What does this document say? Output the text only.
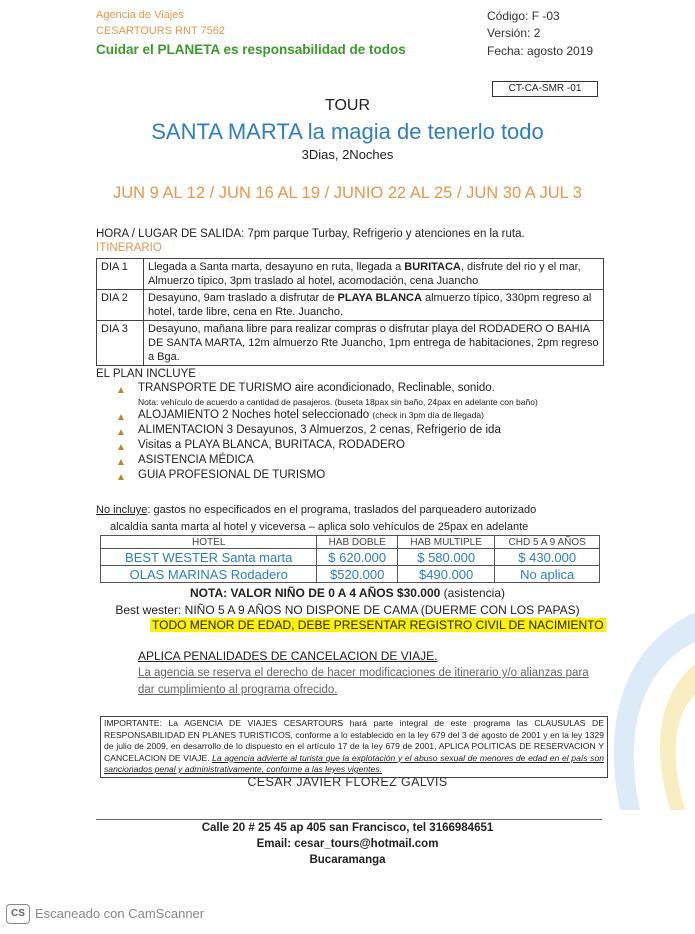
Agencia de Viajes
CESARTOURS RNT 7562
Cuidar el PLANETA es responsabilidad de todos
Código: F -03
Versión: 2
Fecha: agosto 2019
CT-CA-SMR -01
TOUR
SANTA MARTA la magia de tenerlo todo
3Dias, 2Noches
JUN 9 AL 12 / JUN 16 AL 19 / JUNIO 22 AL 25 / JUN 30 A JUL 3
HORA / LUGAR DE SALIDA: 7pm parque Turbay, Refrigerio y atenciones en la ruta.
ITINERARIO
DIA 1	Llegada a Santa marta, desayuno en ruta, llegada a BURITACA, disfrute del rio y el mar, Almuerzo típico, 3pm traslado al hotel, acomodación, cena Juancho
DIA 2	Desayuno, 9am traslado a disfrutar de PLAYA BLANCA almuerzo típico, 330pm regreso al hotel, tarde libre, cena en Rte. Juancho.
DIA 3	Desayuno, mañana libre para realizar compras o disfrutar playa del RODADERO O BAHIA DE SANTA MARTA, 12m almuerzo Rte Juancho, 1pm entrega de habitaciones, 2pm regreso a Bga.
EL PLAN INCLUYE
▲ TRANSPORTE DE TURISMO aire acondicionado, Reclinable, sonido.
Nota: vehículo de acuerdo a cantidad de pasajeros. (buseta 18pax sin baño, 24pax en adelante con baño)
▲ ALOJAMIENTO 2 Noches hotel seleccionado (check in 3pm día de llegada)
▲ ALIMENTACION 3 Desayunos, 3 Almuerzos, 2 cenas, Refrigerio de ida
▲ Visitas a PLAYA BLANCA, BURITACA, RODADERO
▲ ASISTENCIA MÉDICA
▲ GUIA PROFESIONAL DE TURISMO
No incluye: gastos no especificados en el programa, traslados del parqueadero autorizado
alcaldía santa marta al hotel y viceversa – aplica solo vehículos de 25pax en adelante
HOTEL	HAB DOBLE	HAB MULTIPLE	CHD 5 A 9 AÑOS
BEST WESTER Santa marta	$ 620.000	$ 580.000	$ 430.000
OLAS MARINAS Rodadero	$520.000	$490.000	No aplica
NOTA: VALOR NIÑO DE 0 A 4 AÑOS $30.000 (asistencia)
Best wester: NIÑO 5 A 9 AÑOS NO DISPONE DE CAMA (DUERME CON LOS PAPAS)
TODO MENOR DE EDAD, DEBE PRESENTAR REGISTRO CIVIL DE NACIMIENTO
APLICA PENALIDADES DE CANCELACION DE VIAJE.
La agencia se reserva el derecho de hacer modificaciones de itinerario y/o alianzas para dar cumplimiento al programa ofrecido.
IMPORTANTE: La AGENCIA DE VIAJES CESARTOURS hará parte integral de este programa las CLAUSULAS DE RESPONSABILIDAD EN PLANES TURISTICOS, conforme a lo establecido en la ley 679 del 3 de agosto de 2001 y en la ley 1329 de julio de 2009, en desarrollo de lo dispuesto en el artículo 17 de la ley 679 de 2001, APLICA POLITICAS DE RESERVACION Y CANCELACION DE VIAJE. La agencia advierte al turista que la explotación y el abuso sexual de menores de edad en el país son sancionados penal y administrativamente, conforme a las leyes vigentes.
CESAR JAVIER FLOREZ GALVIS
Calle 20 # 25 45 ap 405 san Francisco, tel 3166984651
Email: cesar_tours@hotmail.com
Bucaramanga
CS Escaneado con CamScanner
